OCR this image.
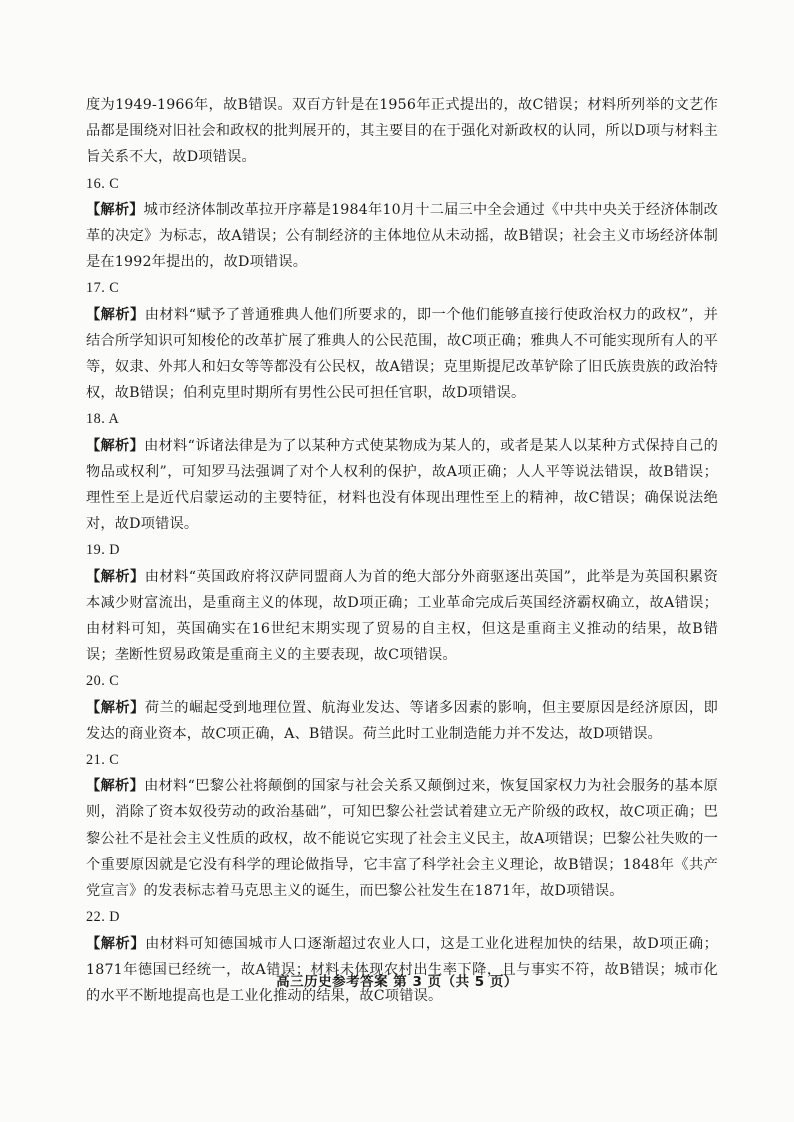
度为1949-1966年，故B错误。双百方针是在1956年正式提出的，故C错误；材料所列举的文艺作品都是围绕对旧社会和政权的批判展开的，其主要目的在于强化对新政权的认同，所以D项与材料主旨关系不大，故D项错误。

16. C

【解析】城市经济体制改革拉开序幕是1984年10月十二届三中全会通过《中共中央关于经济体制改革的决定》为标志，故A错误；公有制经济的主体地位从未动摇，故B错误；社会主义市场经济体制是在1992年提出的，故D项错误。

17. C

【解析】由材料“赋予了普通雅典人他们所要求的，即一个他们能够直接行使政治权力的政权”，并结合所学知识可知梭伦的改革扩展了雅典人的公民范围，故C项正确；雅典人不可能实现所有人的平等，奴隶、外邦人和妇女等等都没有公民权，故A错误；克里斯提尼改革铲除了旧氏族贵族的政治特权，故B错误；伯利克里时期所有男性公民可担任官职，故D项错误。

18. A

【解析】由材料“诉诸法律是为了以某种方式使某物成为某人的，或者是某人以某种方式保持自己的物品或权利”，可知罗马法强调了对个人权利的保护，故A项正确；人人平等说法错误，故B错误；理性至上是近代启蒙运动的主要特征，材料也没有体现出理性至上的精神，故C错误；确保说法绝对，故D项错误。

19. D

【解析】由材料“英国政府将汉萨同盟商人为首的绝大部分外商驱逐出英国”，此举是为英国积累资本减少财富流出，是重商主义的体现，故D项正确；工业革命完成后英国经济霸权确立，故A错误；由材料可知，英国确实在16世纪末期实现了贸易的自主权，但这是重商主义推动的结果，故B错误；垄断性贸易政策是重商主义的主要表现，故C项错误。

20. C

【解析】荷兰的崛起受到地理位置、航海业发达、等诸多因素的影响，但主要原因是经济原因，即发达的商业资本，故C项正确，A、B错误。荷兰此时工业制造能力并不发达，故D项错误。

21. C

【解析】由材料“巴黎公社将颠倒的国家与社会关系又颠倒过来，恢复国家权力为社会服务的基本原则，消除了资本奴役劳动的政治基础”，可知巴黎公社尝试着建立无产阶级的政权，故C项正确；巴黎公社不是社会主义性质的政权，故不能说它实现了社会主义民主，故A项错误；巴黎公社失败的一个重要原因就是它没有科学的理论做指导，它丰富了科学社会主义理论，故B错误；1848年《共产党宣言》的发表标志着马克思主义的诞生，而巴黎公社发生在1871年，故D项错误。

22. D

【解析】由材料可知德国城市人口逐渐超过农业人口，这是工业化进程加快的结果，故D项正确；1871年德国已经统一，故A错误；材料未体现农村出生率下降，且与事实不符，故B错误；城市化的水平不断地提高也是工业化推动的结果，故C项错误。

高三历史参考答案 第 3 页（共 5 页）
